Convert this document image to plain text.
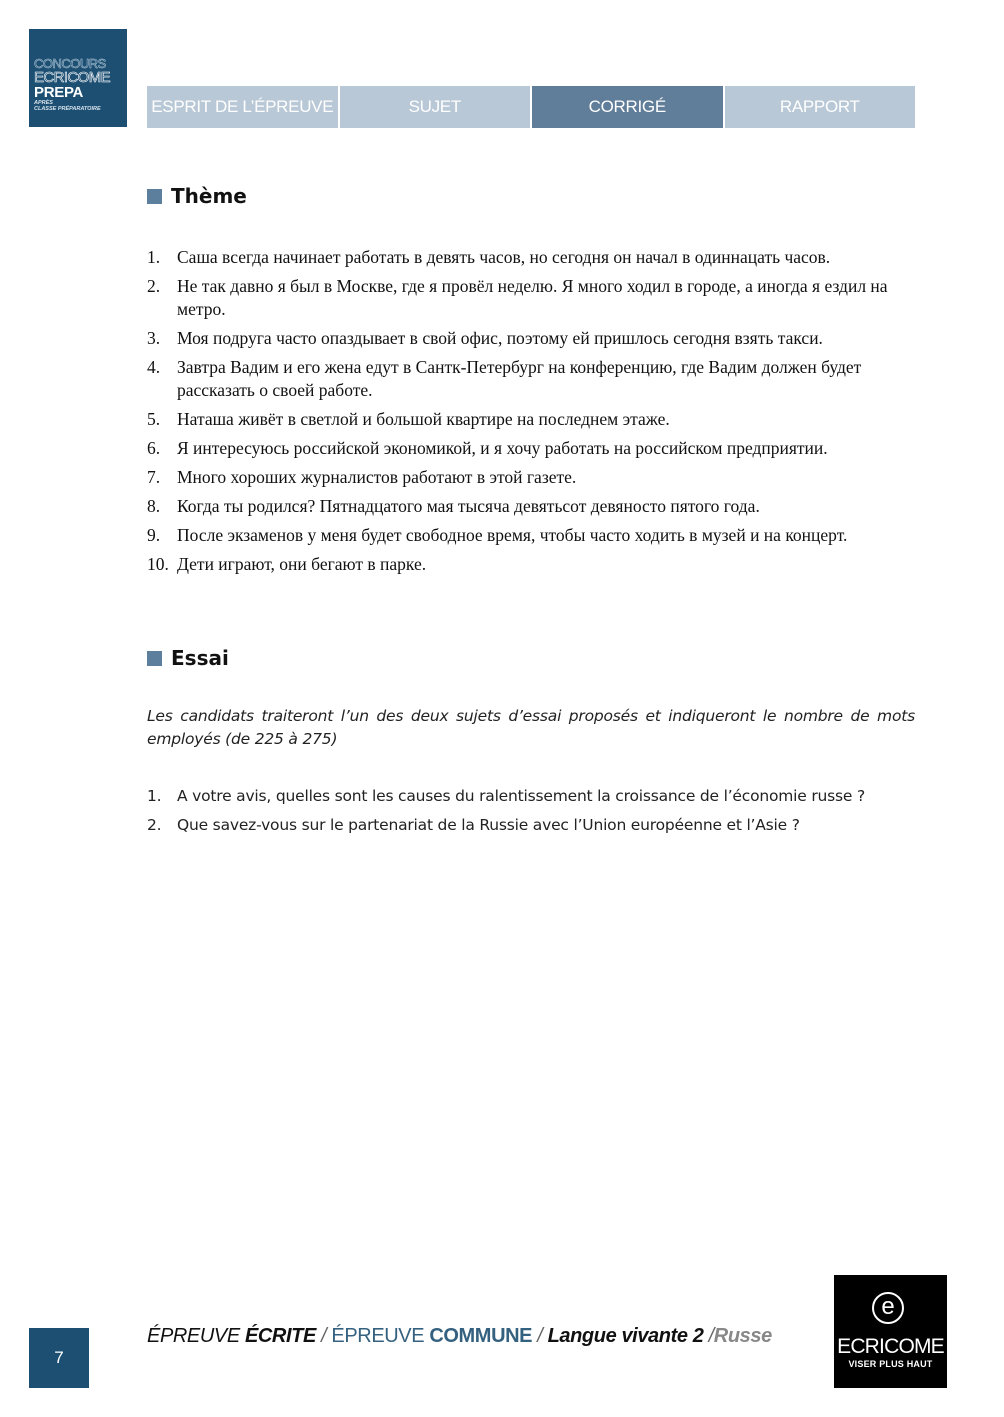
CONCOURS
ECRICOME
PREPA
APRÈS
CLASSE PRÉPARATOIRE	ESPRIT DE L’ÉPREUVE	SUJET	CORRIGÉ	RAPPORT
Thème
1. Саша всегда начинает работать в девять часов, но сегодня он начал в одиннацать часов.
2. Не так давно я был в Москве, где я провёл неделю. Я много ходил в городе, а иногда я ездил на метро.
3. Моя подруга часто опаздывает в свой офис, поэтому ей пришлось сегодня взять такси.
4. Завтра Вадим и его жена едут в Сантк-Петербург на конференцию, где Вадим должен будет рассказать о своей работе.
5. Наташа живёт в светлой и большой квартире на последнем этаже.
6. Я интересуюсь российской экономикой, и я хочу работать на российском предприятии.
7. Много хороших журналистов работают в этой газете.
8. Когда ты родился? Пятнадцатого мая тысяча девятьсот девяносто пятого года.
9. После экзаменов у меня будет свободное время, чтобы часто ходить в музей и на концерт.
10. Дети играют, они бегают в парке.
Essai
Les candidats traiteront l’un des deux sujets d’essai proposés et indiqueront le nombre de mots employés (de 225 à 275)
1.	A votre avis, quelles sont les causes du ralentissement la croissance de l’économie russe ?
2.	Que savez-vous sur le partenariat de la Russie avec l’Union européenne et l’Asie ?
7
ÉPREUVE ÉCRITE / ÉPREUVE COMMUNE / Langue vivante 2 /Russe
e
ECRICOME
VISER PLUS HAUT
